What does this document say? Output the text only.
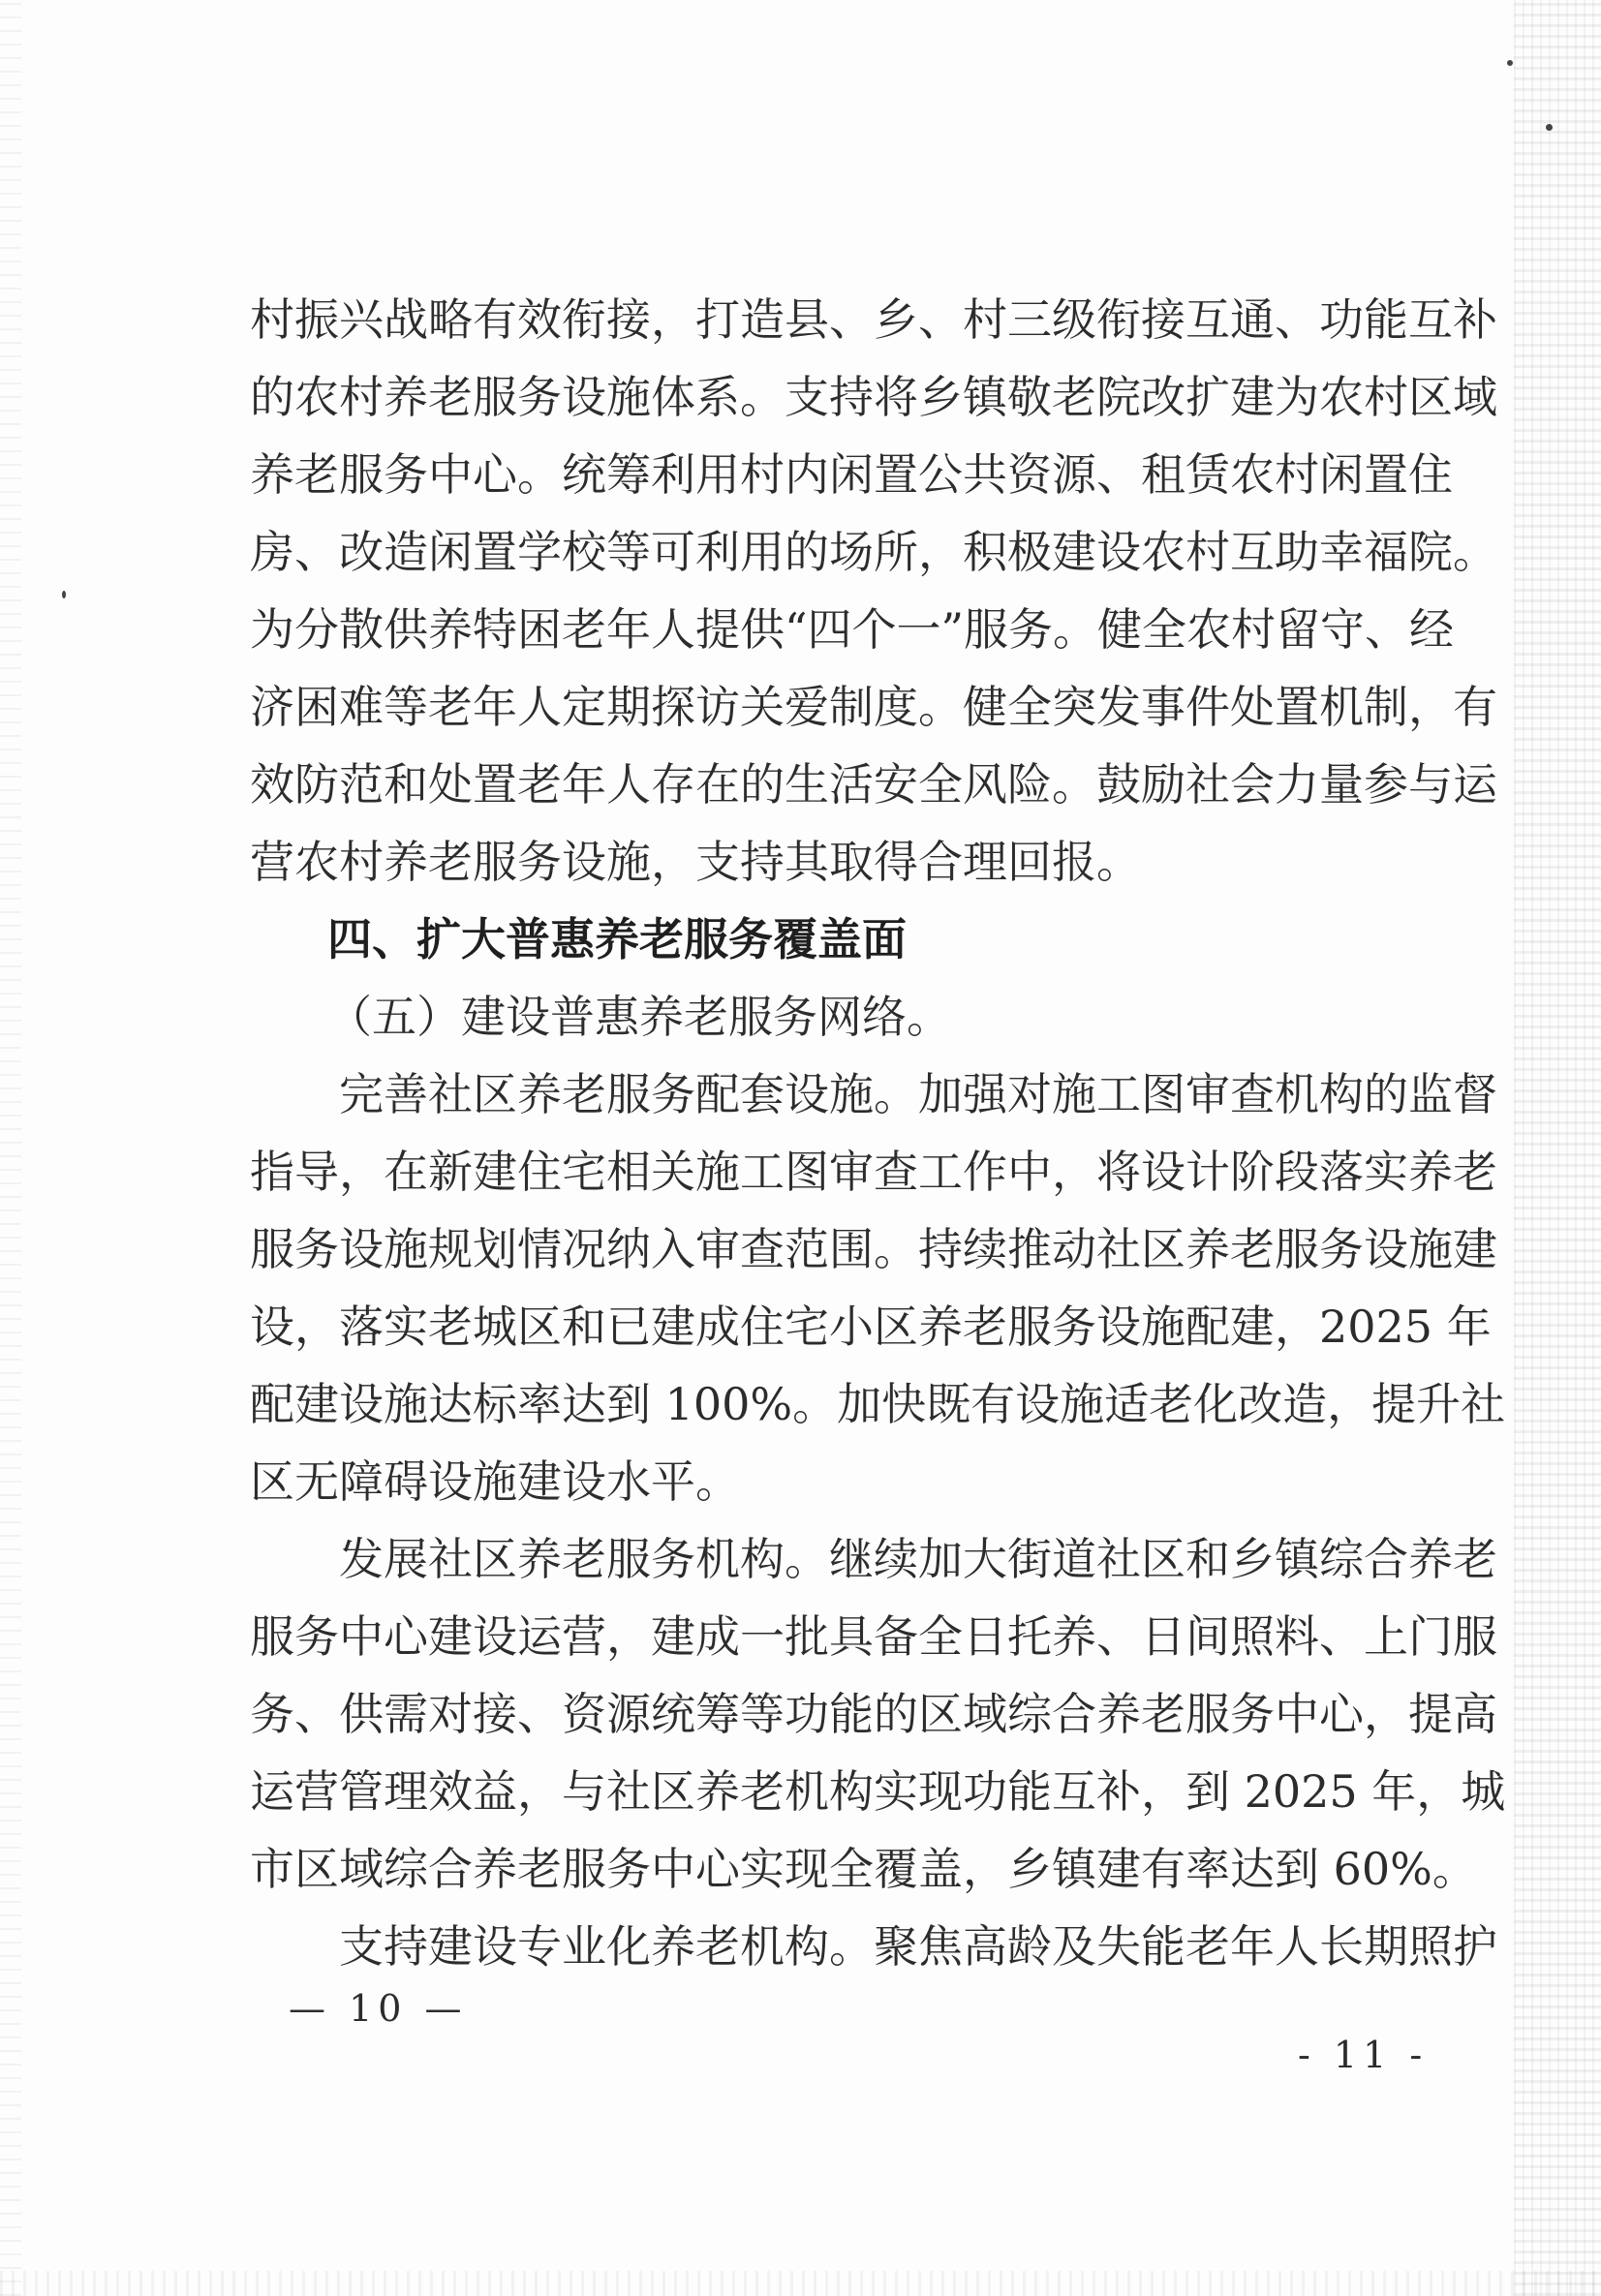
村振兴战略有效衔接，打造县、乡、村三级衔接互通、功能互补
的农村养老服务设施体系。支持将乡镇敬老院改扩建为农村区域
养老服务中心。统筹利用村内闲置公共资源、租赁农村闲置住
房、改造闲置学校等可利用的场所，积极建设农村互助幸福院。
为分散供养特困老年人提供“四个一”服务。健全农村留守、经
济困难等老年人定期探访关爱制度。健全突发事件处置机制，有
效防范和处置老年人存在的生活安全风险。鼓励社会力量参与运
营农村养老服务设施，支持其取得合理回报。
四、扩大普惠养老服务覆盖面
（五）建设普惠养老服务网络。
完善社区养老服务配套设施。加强对施工图审查机构的监督
指导，在新建住宅相关施工图审查工作中，将设计阶段落实养老
服务设施规划情况纳入审查范围。持续推动社区养老服务设施建
设，落实老城区和已建成住宅小区养老服务设施配建，2025 年
配建设施达标率达到 100%。加快既有设施适老化改造，提升社
区无障碍设施建设水平。
发展社区养老服务机构。继续加大街道社区和乡镇综合养老
服务中心建设运营，建成一批具备全日托养、日间照料、上门服
务、供需对接、资源统筹等功能的区域综合养老服务中心，提高
运营管理效益，与社区养老机构实现功能互补，到 2025 年，城
市区域综合养老服务中心实现全覆盖，乡镇建有率达到 60%。
支持建设专业化养老机构。聚焦高龄及失能老年人长期照护
— 10 —
- 11 -
